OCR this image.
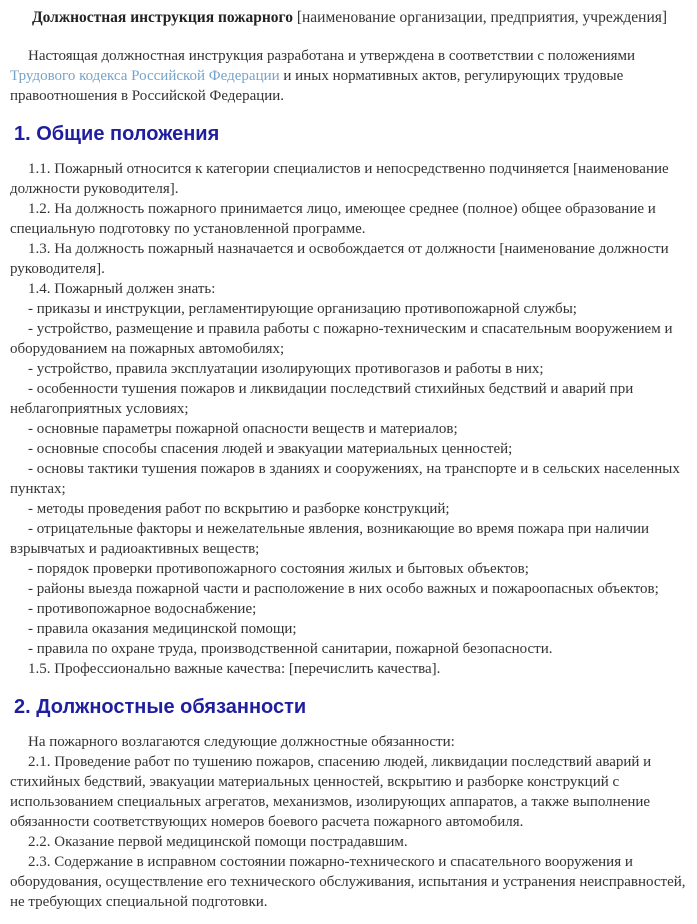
Должностная инструкция пожарного [наименование организации, предприятия, учреждения]

Настоящая должностная инструкция разработана и утверждена в соответствии с положениями Трудового кодекса Российской Федерации и иных нормативных актов, регулирующих трудовые правоотношения в Российской Федерации.

1. Общие положения

1.1. Пожарный относится к категории специалистов и непосредственно подчиняется [наименование должности руководителя].

1.2. На должность пожарного принимается лицо, имеющее среднее (полное) общее образование и специальную подготовку по установленной программе.

1.3. На должность пожарный назначается и освобождается от должности [наименование должности руководителя].

1.4. Пожарный должен знать:

- приказы и инструкции, регламентирующие организацию противопожарной службы;

- устройство, размещение и правила работы с пожарно-техническим и спасательным вооружением и оборудованием на пожарных автомобилях;

- устройство, правила эксплуатации изолирующих противогазов и работы в них;

- особенности тушения пожаров и ликвидации последствий стихийных бедствий и аварий при неблагоприятных условиях;

- основные параметры пожарной опасности веществ и материалов;

- основные способы спасения людей и эвакуации материальных ценностей;

- основы тактики тушения пожаров в зданиях и сооружениях, на транспорте и в сельских населенных пунктах;

- методы проведения работ по вскрытию и разборке конструкций;

- отрицательные факторы и нежелательные явления, возникающие во время пожара при наличии взрывчатых и радиоактивных веществ;

- порядок проверки противопожарного состояния жилых и бытовых объектов;

- районы выезда пожарной части и расположение в них особо важных и пожароопасных объектов;

- противопожарное водоснабжение;

- правила оказания медицинской помощи;

- правила по охране труда, производственной санитарии, пожарной безопасности.

1.5. Профессионально важные качества: [перечислить качества].

2. Должностные обязанности

На пожарного возлагаются следующие должностные обязанности:

2.1. Проведение работ по тушению пожаров, спасению людей, ликвидации последствий аварий и стихийных бедствий, эвакуации материальных ценностей, вскрытию и разборке конструкций с использованием специальных агрегатов, механизмов, изолирующих аппаратов, а также выполнение обязанности соответствующих номеров боевого расчета пожарного автомобиля.

2.2. Оказание первой медицинской помощи пострадавшим.

2.3. Содержание в исправном состоянии пожарно-технического и спасательного вооружения и оборудования, осуществление его технического обслуживания, испытания и устранения неисправностей, не требующих специальной подготовки.
